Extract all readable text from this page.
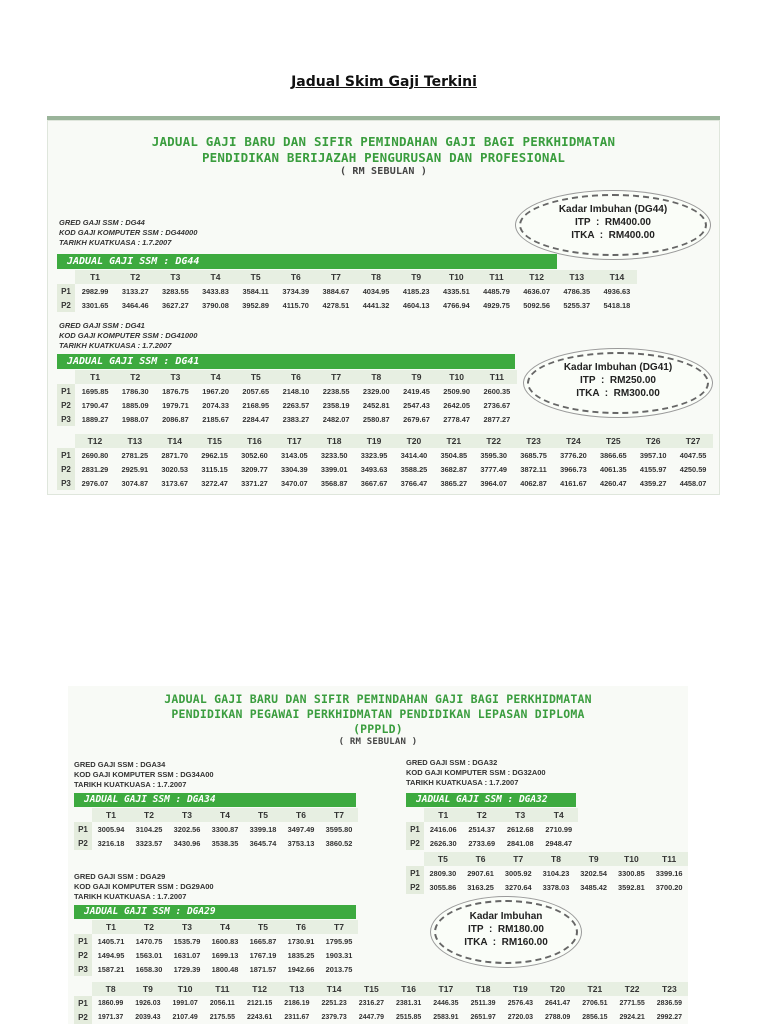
Jadual Skim Gaji Terkini
JADUAL GAJI BARU DAN SIFIR PEMINDAHAN GAJI BAGI PERKHIDMATAN
PENDIDIKAN BERIJAZAH PENGURUSAN DAN PROFESIONAL
( RM SEBULAN )
GRED GAJI SSM : DG44
KOD GAJI KOMPUTER SSM : DG44000
TARIKH KUATKUASA : 1.7.2007
Kadar Imbuhan (DG44)
ITP  :  RM400.00
ITKA  :  RM400.00
JADUAL GAJI SSM : DG44
	T1	T2	T3	T4	T5	T6	T7	T8	T9	T10	T11	T12	T13	T14
P1	2982.99	3133.27	3283.55	3433.83	3584.11	3734.39	3884.67	4034.95	4185.23	4335.51	4485.79	4636.07	4786.35	4936.63
P2	3301.65	3464.46	3627.27	3790.08	3952.89	4115.70	4278.51	4441.32	4604.13	4766.94	4929.75	5092.56	5255.37	5418.18
GRED GAJI SSM : DG41
KOD GAJI KOMPUTER SSM : DG41000
TARIKH KUATKUASA : 1.7.2007
JADUAL GAJI SSM : DG41
	T1	T2	T3	T4	T5	T6	T7	T8	T9	T10	T11
P1	1695.85	1786.30	1876.75	1967.20	2057.65	2148.10	2238.55	2329.00	2419.45	2509.90	2600.35
P2	1790.47	1885.09	1979.71	2074.33	2168.95	2263.57	2358.19	2452.81	2547.43	2642.05	2736.67
P3	1889.27	1988.07	2086.87	2185.67	2284.47	2383.27	2482.07	2580.87	2679.67	2778.47	2877.27
Kadar Imbuhan (DG41)
ITP  :  RM250.00
ITKA  :  RM300.00
	T12	T13	T14	T15	T16	T17	T18	T19	T20	T21	T22	T23	T24	T25	T26	T27
P1	2690.80	2781.25	2871.70	2962.15	3052.60	3143.05	3233.50	3323.95	3414.40	3504.85	3595.30	3685.75	3776.20	3866.65	3957.10	4047.55
P2	2831.29	2925.91	3020.53	3115.15	3209.77	3304.39	3399.01	3493.63	3588.25	3682.87	3777.49	3872.11	3966.73	4061.35	4155.97	4250.59
P3	2976.07	3074.87	3173.67	3272.47	3371.27	3470.07	3568.87	3667.67	3766.47	3865.27	3964.07	4062.87	4161.67	4260.47	4359.27	4458.07
JADUAL GAJI BARU DAN SIFIR PEMINDAHAN GAJI BAGI PERKHIDMATAN
PENDIDIKAN PEGAWAI PERKHIDMATAN PENDIDIKAN LEPASAN DIPLOMA
(PPPLD)
( RM SEBULAN )
GRED GAJI SSM : DGA34
KOD GAJI KOMPUTER SSM : DG34A00
TARIKH KUATKUASA : 1.7.2007
JADUAL GAJI SSM : DGA34
	T1	T2	T3	T4	T5	T6	T7
P1	3005.94	3104.25	3202.56	3300.87	3399.18	3497.49	3595.80
P2	3216.18	3323.57	3430.96	3538.35	3645.74	3753.13	3860.52
GRED GAJI SSM : DGA32
KOD GAJI KOMPUTER SSM : DG32A00
TARIKH KUATKUASA : 1.7.2007
JADUAL GAJI SSM : DGA32
	T1	T2	T3	T4
P1	2416.06	2514.37	2612.68	2710.99
P2	2626.30	2733.69	2841.08	2948.47
	T5	T6	T7	T8	T9	T10	T11
P1	2809.30	2907.61	3005.92	3104.23	3202.54	3300.85	3399.16
P2	3055.86	3163.25	3270.64	3378.03	3485.42	3592.81	3700.20
GRED GAJI SSM : DGA29
KOD GAJI KOMPUTER SSM : DG29A00
TARIKH KUATKUASA : 1.7.2007
JADUAL GAJI SSM : DGA29
	T1	T2	T3	T4	T5	T6	T7
P1	1405.71	1470.75	1535.79	1600.83	1665.87	1730.91	1795.95
P2	1494.95	1563.01	1631.07	1699.13	1767.19	1835.25	1903.31
P3	1587.21	1658.30	1729.39	1800.48	1871.57	1942.66	2013.75
Kadar Imbuhan
ITP  :  RM180.00
ITKA  :  RM160.00
	T8	T9	T10	T11	T12	T13	T14	T15	T16	T17	T18	T19	T20	T21	T22	T23
P1	1860.99	1926.03	1991.07	2056.11	2121.15	2186.19	2251.23	2316.27	2381.31	2446.35	2511.39	2576.43	2641.47	2706.51	2771.55	2836.59
P2	1971.37	2039.43	2107.49	2175.55	2243.61	2311.67	2379.73	2447.79	2515.85	2583.91	2651.97	2720.03	2788.09	2856.15	2924.21	2992.27
